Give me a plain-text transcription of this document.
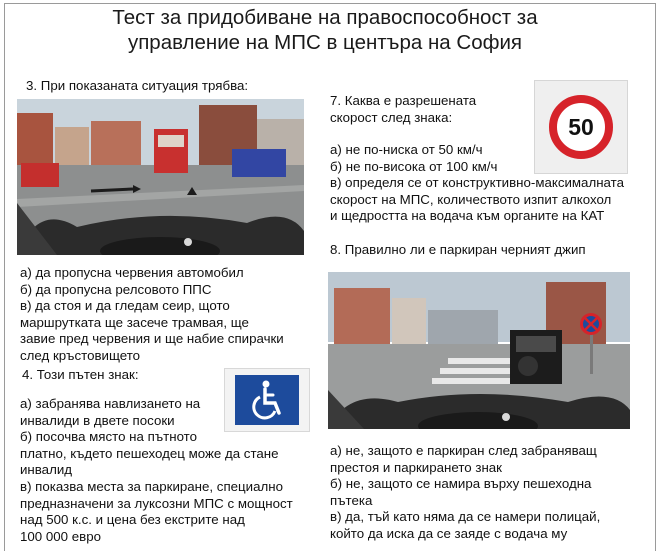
Тест за придобиване на правоспособност за
управление на МПС в центъра на София

3. При показаната ситуация трябва:

а) да пропусна червения автомобил
б) да пропусна релсовото ППС
в) да стоя и да гледам сеир, щото
маршрутката ще засече трамвая, ще
завие пред червения и ще набие спирачки
след кръстовището

4. Този пътен знак:

а) забранява навлизането на
инвалиди в двете посоки
б) посочва място на пътното
платно, където пешеходец може да стане
инвалид
в) показва места за паркиране, специално
предназначени за луксозни МПС с мощност
над 500 к.с. и цена без екстрите над
100 000 евро
7. Каква е разрешената
скорост след знака:	50
а) не по-ниска от 50 км/ч
б) не по-висока от 100 км/ч
в) определя се от конструктивно-максималната
скорост на МПС, количеството изпит алкохол
и щедростта на водача към органите на КАТ

8. Правилно ли е паркиран черният джип

а) не, защото е паркиран след забраняващ
престоя и паркирането знак
б) не, защото се намира върху пешеходна
пътека
в) да, тъй като няма да се намери полицай,
който да иска да се заяде с водача му
